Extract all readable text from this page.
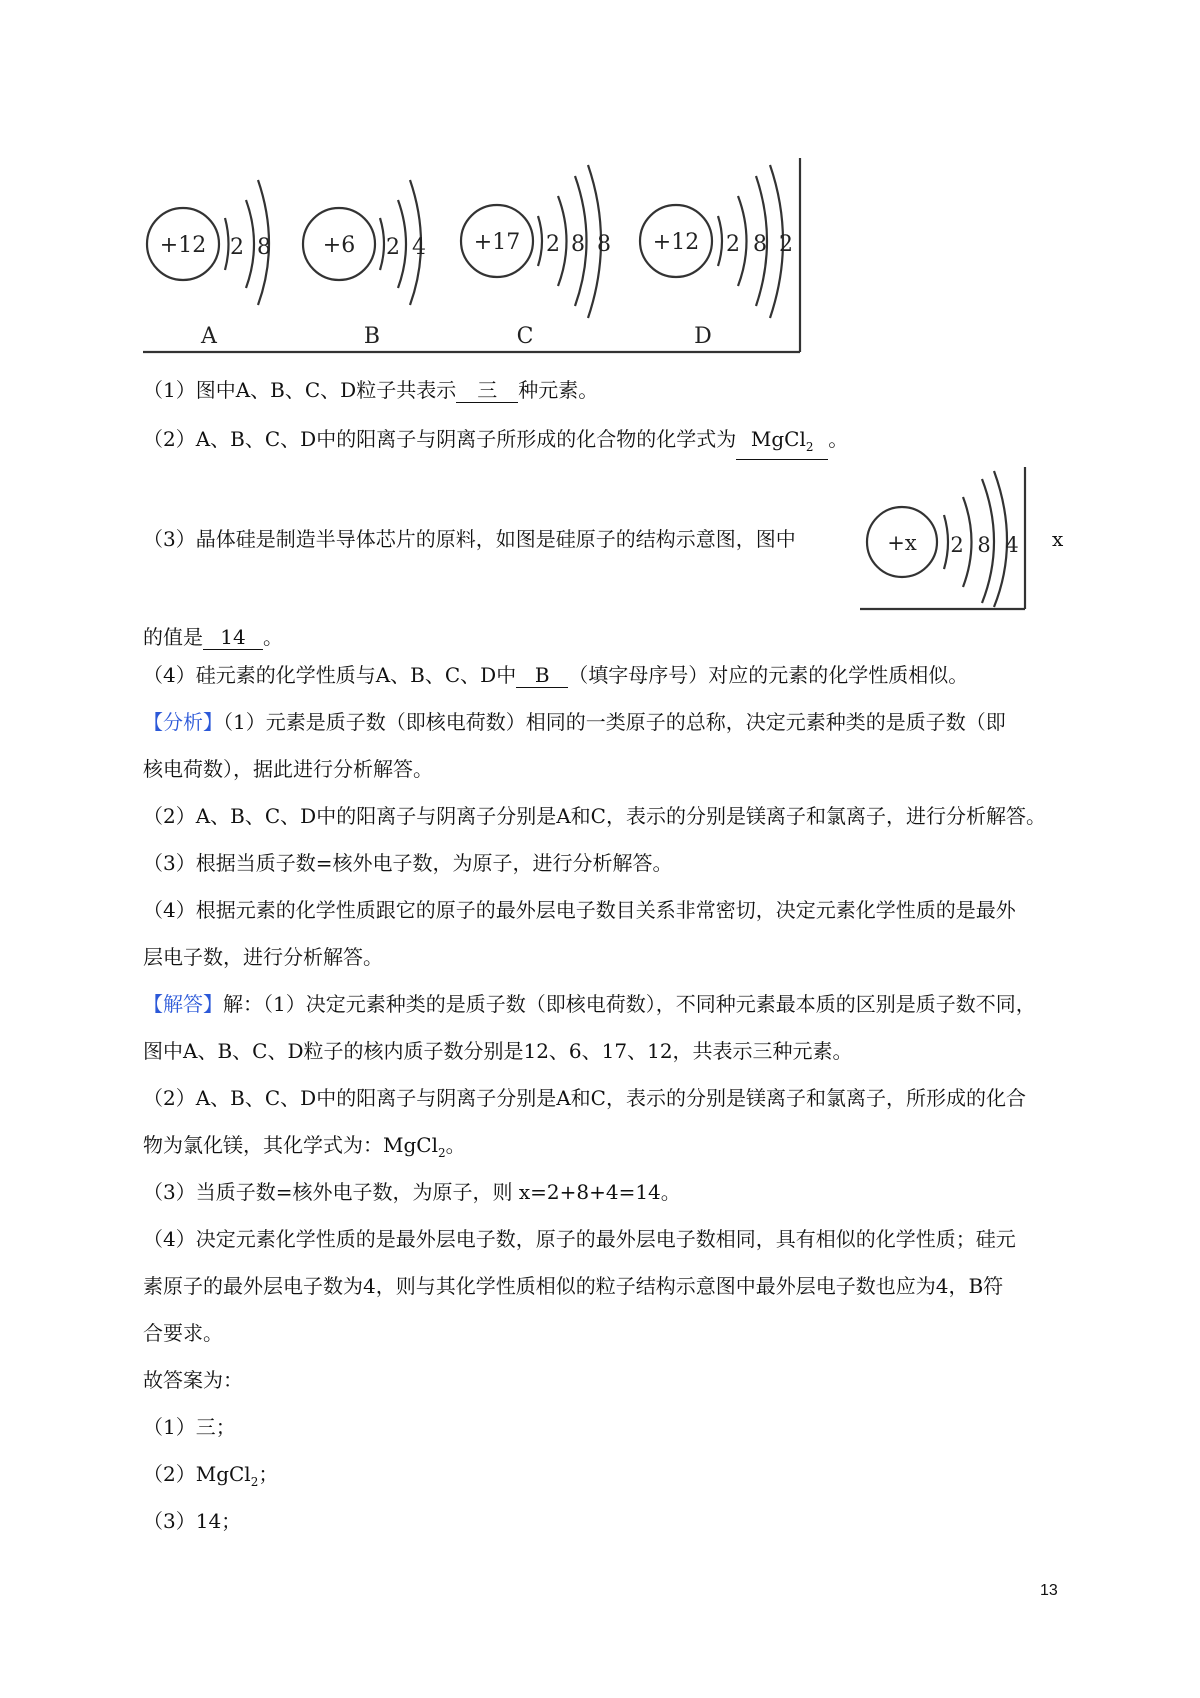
+12 2 8
A
+6 2 4
B
+17 2 8 8
C
+12 2 8 2
D
+x 2 8 4
（1）图中A、B、C、D粒子共表示 三 种元素。
（2）A、B、C、D中的阳离子与阴离子所形成的化合物的化学式为 MgCl$_2$ 。
（3）晶体硅是制造半导体芯片的原料，如图是硅原子的结构示意图，图中	x
的值是 14 。
（4）硅元素的化学性质与A、B、C、D中 B （填字母序号）对应的元素的化学性质相似。
【分析】（1）元素是质子数（即核电荷数）相同的一类原子的总称，决定元素种类的是质子数（即
核电荷数），据此进行分析解答。
（2）A、B、C、D中的阳离子与阴离子分别是A和C，表示的分别是镁离子和氯离子，进行分析解答。
（3）根据当质子数=核外电子数，为原子，进行分析解答。
（4）根据元素的化学性质跟它的原子的最外层电子数目关系非常密切，决定元素化学性质的是最外
层电子数，进行分析解答。
【解答】解：（1）决定元素种类的是质子数（即核电荷数），不同种元素最本质的区别是质子数不同，
图中A、B、C、D粒子的核内质子数分别是12、6、17、12，共表示三种元素。
（2）A、B、C、D中的阳离子与阴离子分别是A和C，表示的分别是镁离子和氯离子，所形成的化合
物为氯化镁，其化学式为：MgCl$_2$。
（3）当质子数=核外电子数，为原子，则 x=2+8+4=14。
（4）决定元素化学性质的是最外层电子数，原子的最外层电子数相同，具有相似的化学性质；硅元
素原子的最外层电子数为4，则与其化学性质相似的粒子结构示意图中最外层电子数也应为4，B符
合要求。
故答案为：
（1）三；
（2）MgCl$_2$；
（3）14；
13
